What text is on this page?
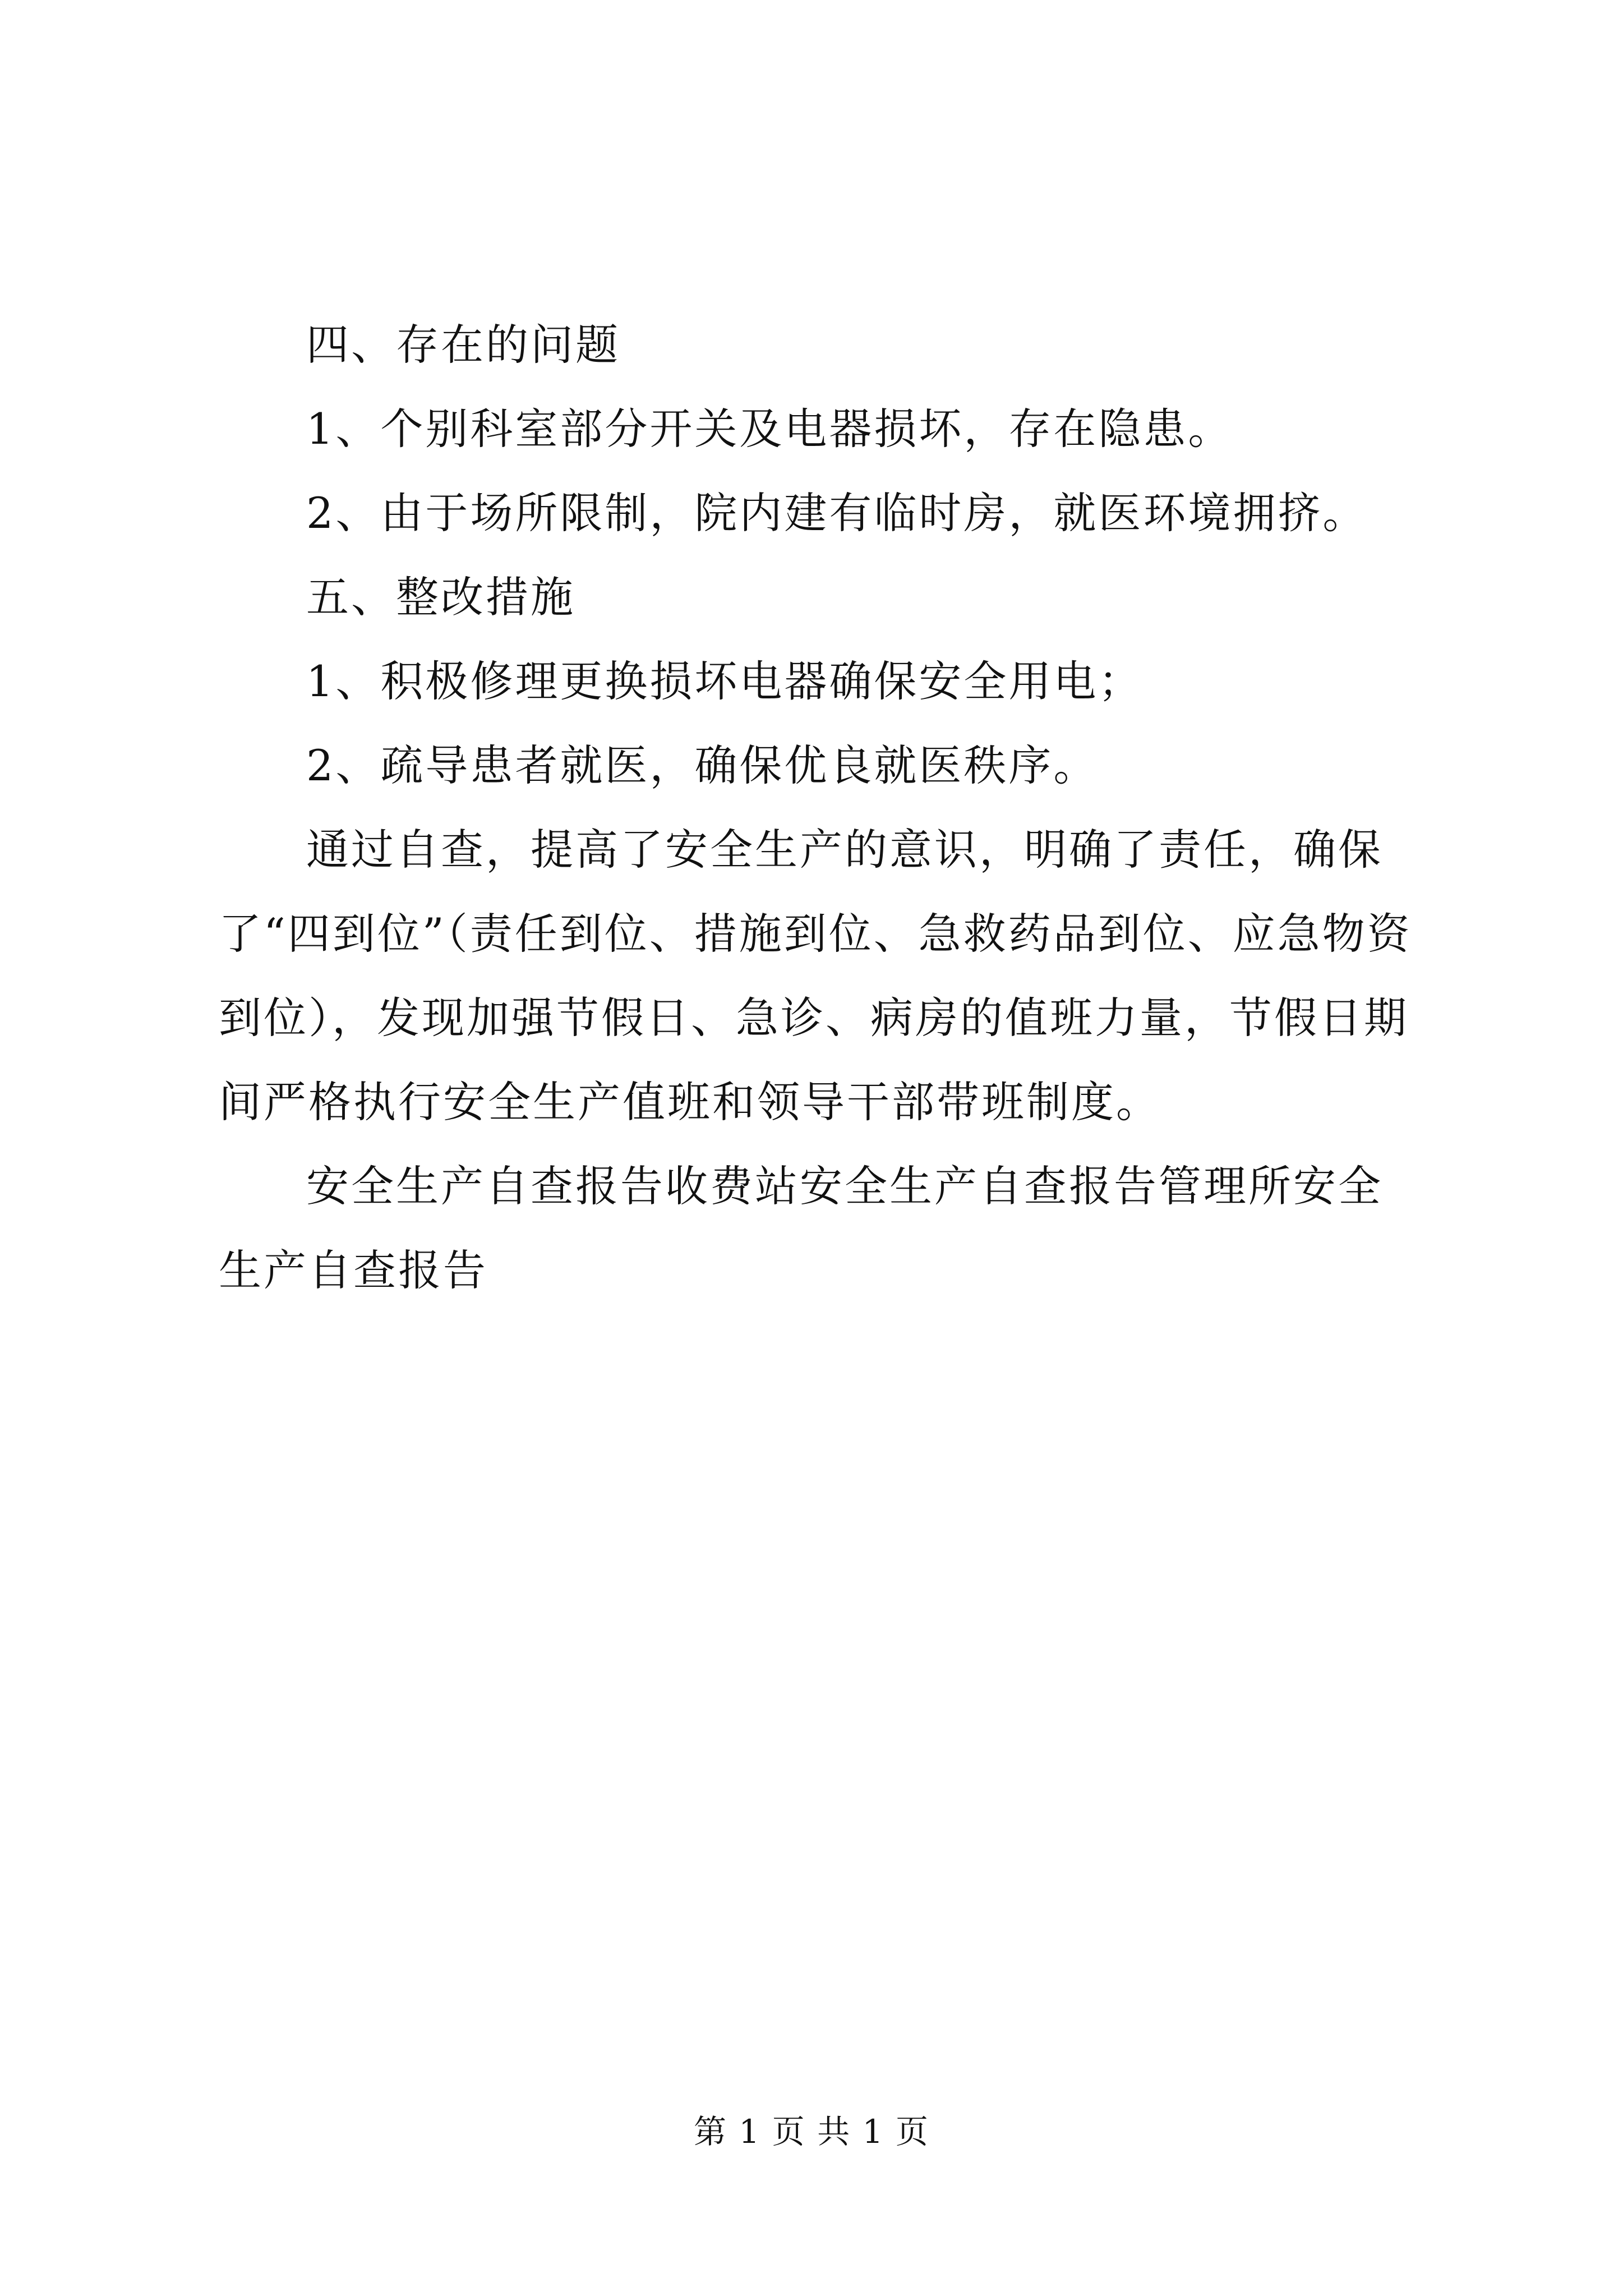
四、存在的问题

1、个别科室部分开关及电器损坏，存在隐患。

2、由于场所限制，院内建有临时房，就医环境拥挤。

五、整改措施

1、积极修理更换损坏电器确保安全用电；

2、疏导患者就医，确保优良就医秩序。

通过自查，提高了安全生产的意识，明确了责任，确保了“四到位”（责任到位、措施到位、急救药品到位、应急物资到位），发现加强节假日、急诊、病房的值班力量，节假日期间严格执行安全生产值班和领导干部带班制度。

安全生产自查报告收费站安全生产自查报告管理所安全生产自查报告

第 1 页 共 1 页
